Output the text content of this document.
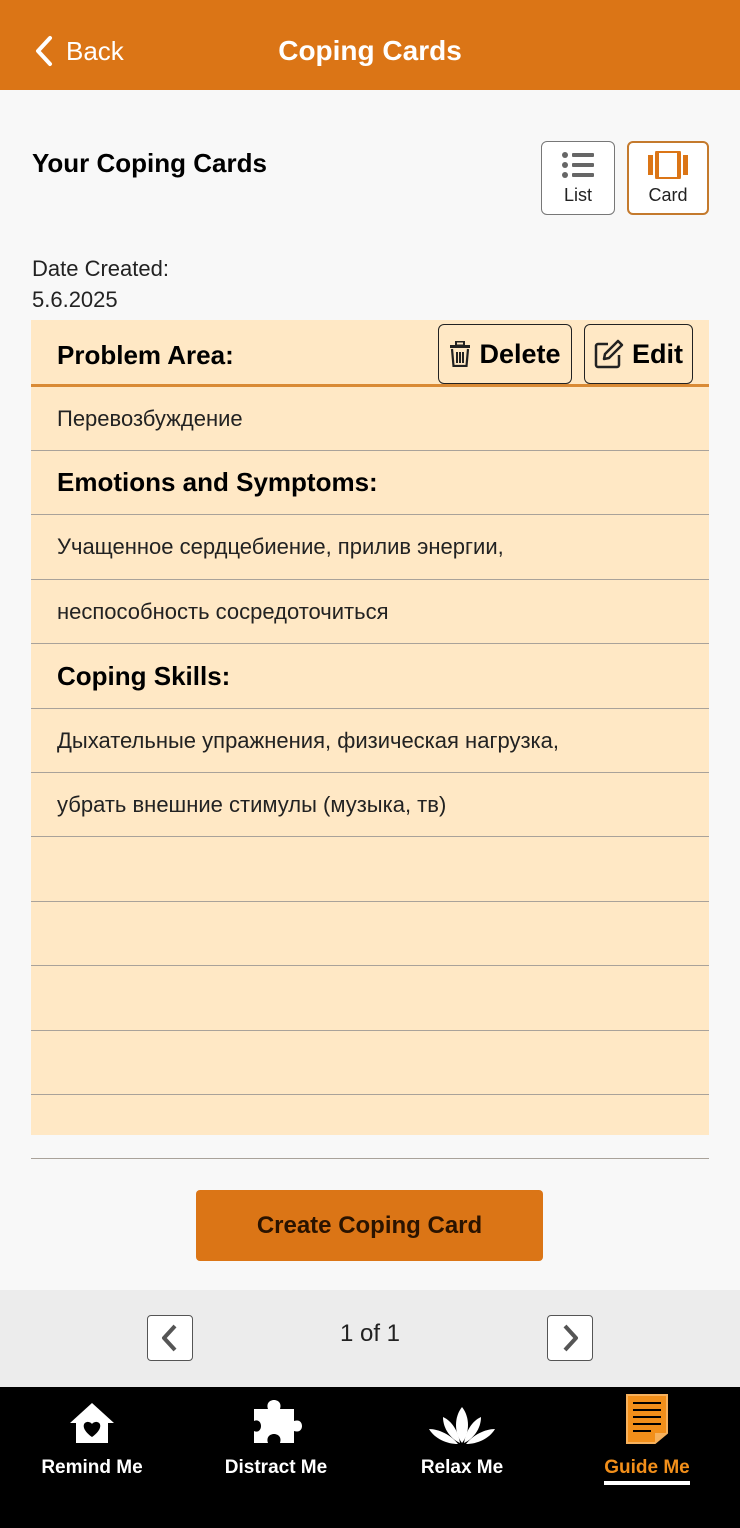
Back	Coping Cards
Your Coping Cards
List	Card
Date Created:
5.6.2025
Problem Area:	Delete	Edit
Перевозбуждение
Emotions and Symptoms:
Учащенное сердцебиение, прилив энергии,
неспособность сосредоточиться
Coping Skills:
Дыхательные упражнения, физическая нагрузка,
убрать внешние стимулы (музыка, тв)
Create Coping Card
1 of 1
Remind Me	Distract Me	Relax Me	Guide Me
